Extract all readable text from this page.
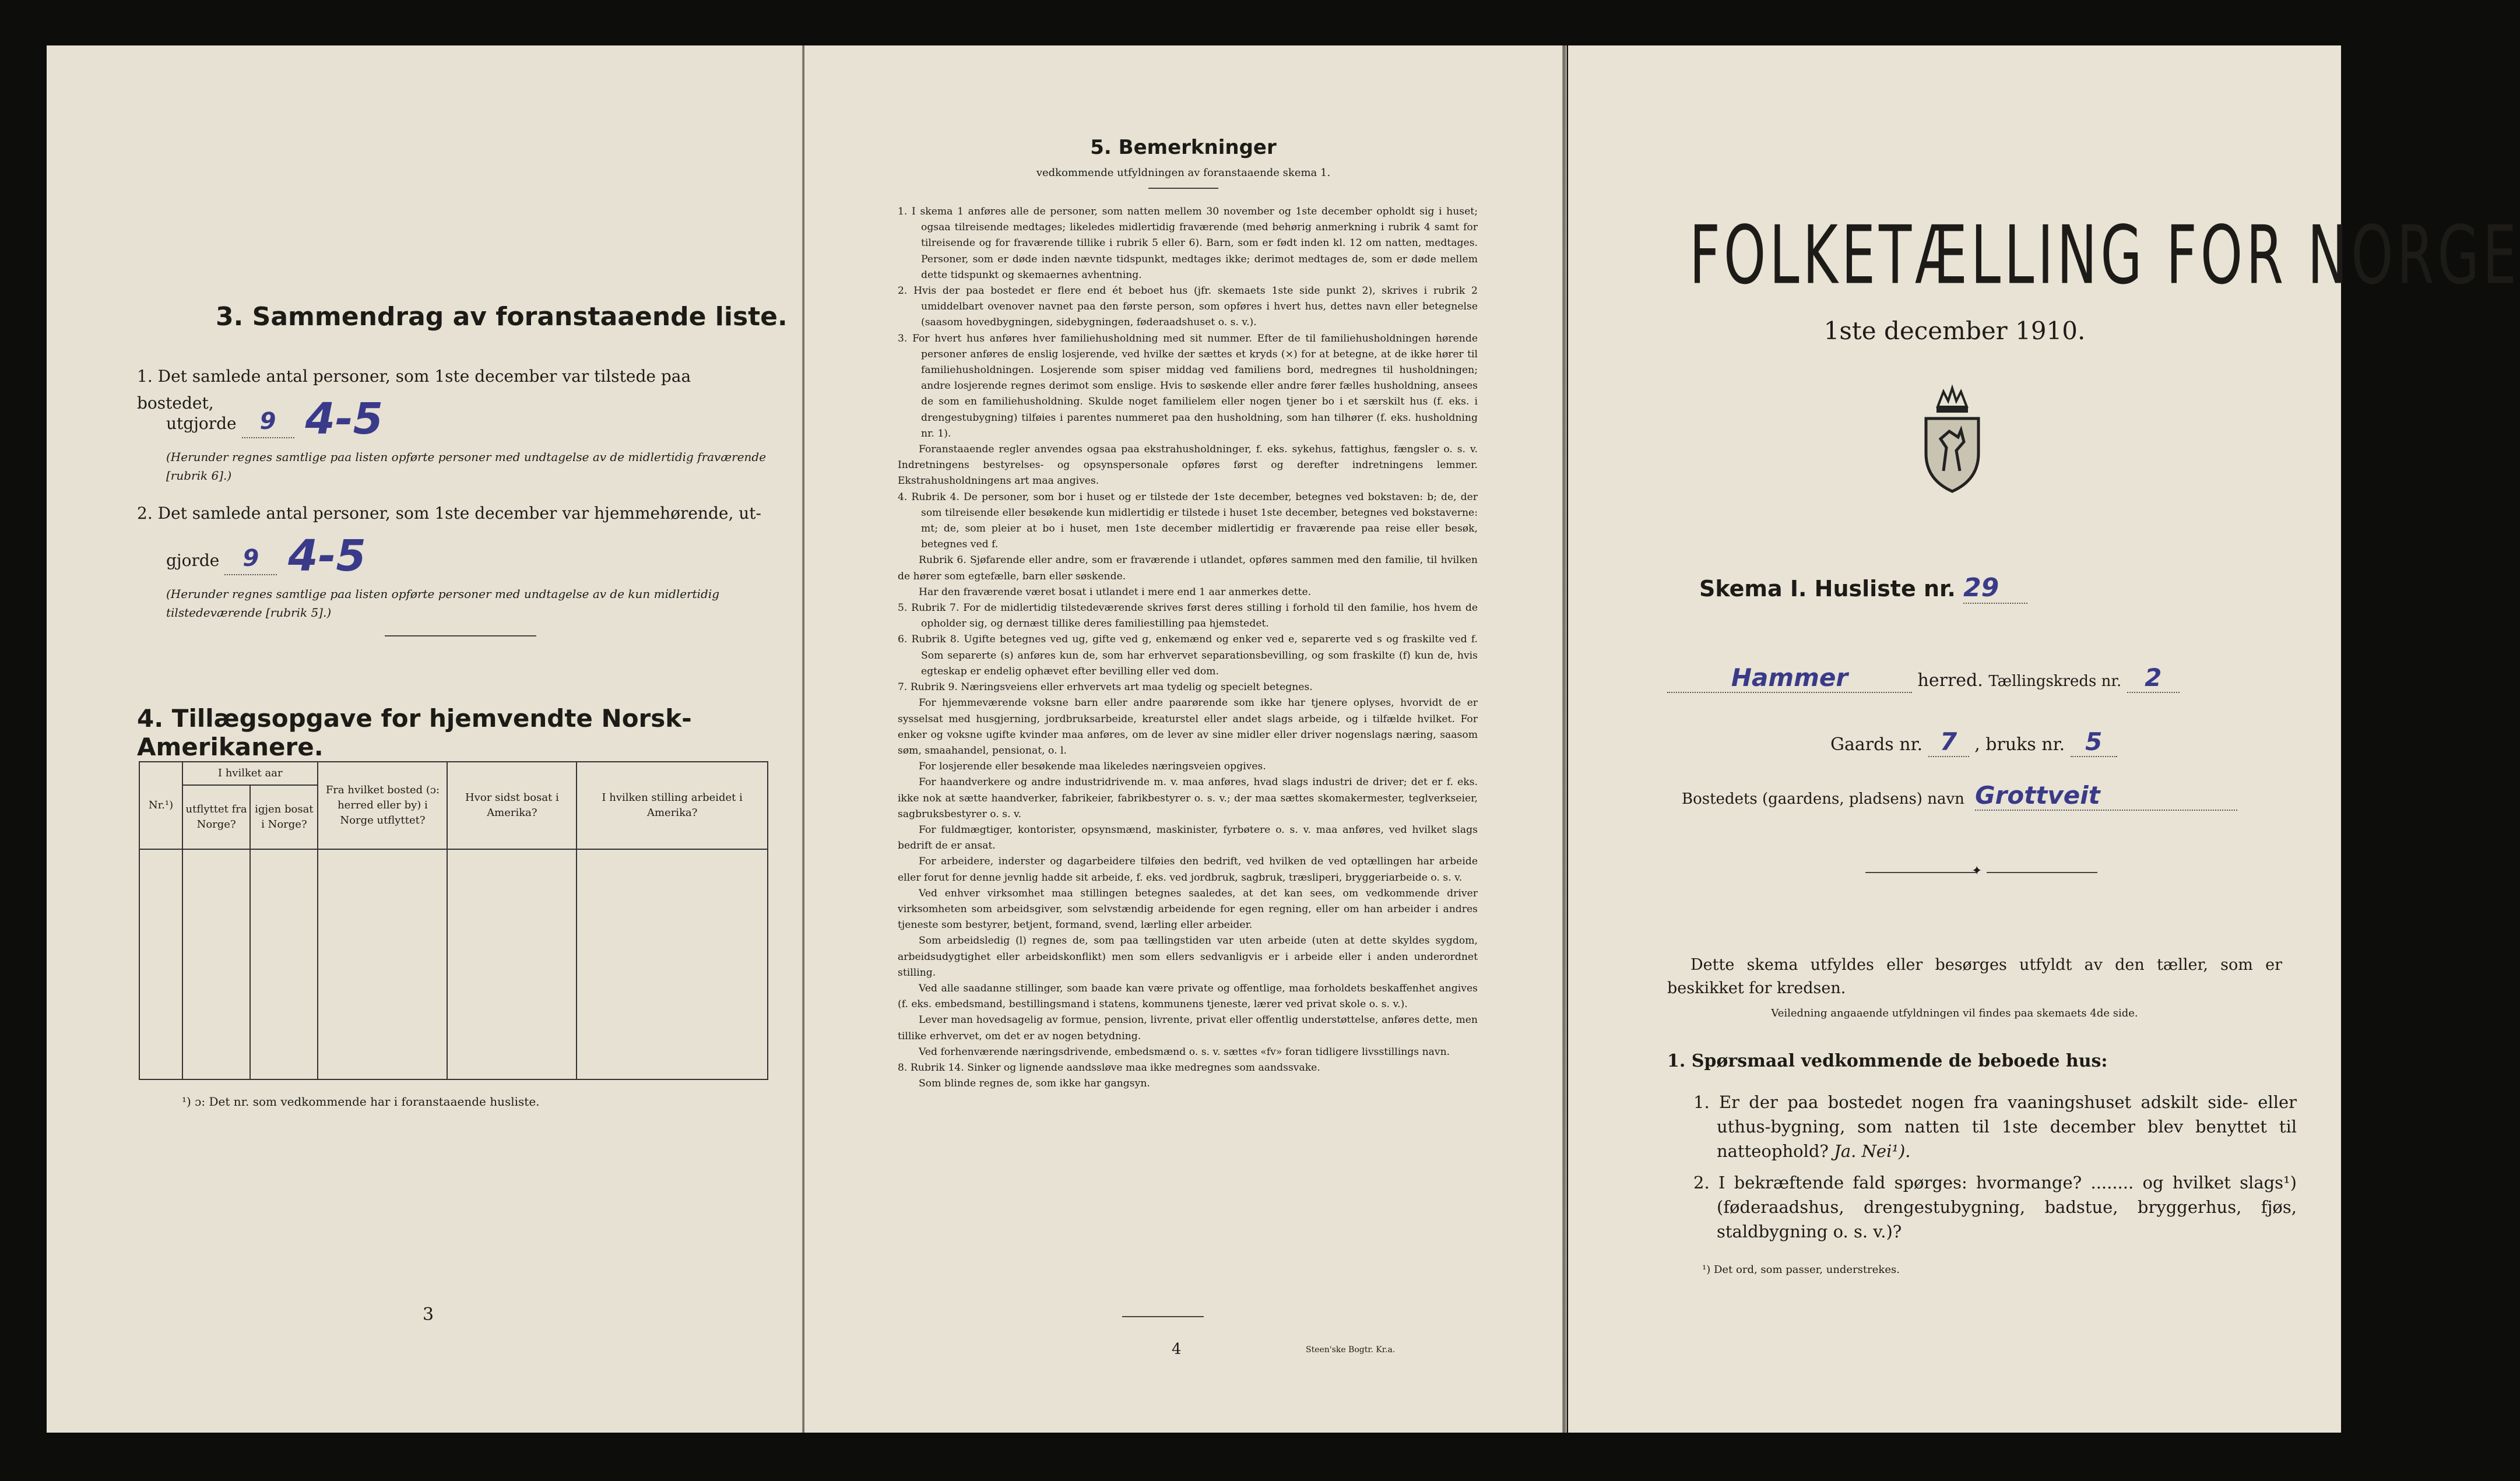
3. Sammendrag av foranstaaende liste.
1. Det samlede antal personer, som 1ste december var tilstede paa bostedet,
utgjorde 9 4-5
(Herunder regnes samtlige paa listen opførte personer med undtagelse av de midlertidig fraværende [rubrik 6].)
2. Det samlede antal personer, som 1ste december var hjemmehørende, ut-
gjorde 9 4-5
(Herunder regnes samtlige paa listen opførte personer med undtagelse av de kun midlertidig tilstedeværende [rubrik 5].)
4. Tillægsopgave for hjemvendte Norsk-Amerikanere.
Nr.¹)	I hvilket aar		Fra hvilket bosted (ɔ: herred eller by) i Norge utflyttet?	Hvor sidst bosat i Amerika?	I hvilken stilling arbeidet i Amerika?
	utflyttet fra Norge?	igjen bosat i Norge?			

¹) ɔ: Det nr. som vedkommende har i foranstaaende husliste.
3
5. Bemerkninger
vedkommende utfyldningen av foranstaaende skema 1.

1. I skema 1 anføres alle de personer, som natten mellem 30 november og 1ste december opholdt sig i huset; ogsaa tilreisende medtages; likeledes midlertidig fraværende (med behørig anmerkning i rubrik 4 samt for tilreisende og for fraværende tillike i rubrik 5 eller 6). Barn, som er født inden kl. 12 om natten, medtages. Personer, som er døde inden nævnte tidspunkt, medtages ikke; derimot medtages de, som er døde mellem dette tidspunkt og skemaernes avhentning.

2. Hvis der paa bostedet er flere end ét beboet hus (jfr. skemaets 1ste side punkt 2), skrives i rubrik 2 umiddelbart ovenover navnet paa den første person, som opføres i hvert hus, dettes navn eller betegnelse (saasom hovedbygningen, sidebygningen, føderaadshuset o. s. v.).

3. For hvert hus anføres hver familiehusholdning med sit nummer. Efter de til familiehusholdningen hørende personer anføres de enslig losjerende, ved hvilke der sættes et kryds (×) for at betegne, at de ikke hører til familiehusholdningen. Losjerende som spiser middag ved familiens bord, medregnes til husholdningen; andre losjerende regnes derimot som enslige. Hvis to søskende eller andre fører fælles husholdning, ansees de som en familiehusholdning. Skulde noget familielem eller nogen tjener bo i et særskilt hus (f. eks. i drengestubygning) tilføies i parentes nummeret paa den husholdning, som han tilhører (f. eks. husholdning nr. 1).

Foranstaaende regler anvendes ogsaa paa ekstrahusholdninger, f. eks. sykehus, fattighus, fængsler o. s. v. Indretningens bestyrelses- og opsynspersonale opføres først og derefter indretningens lemmer. Ekstrahusholdningens art maa angives.

4. Rubrik 4. De personer, som bor i huset og er tilstede der 1ste december, betegnes ved bokstaven: b; de, der som tilreisende eller besøkende kun midlertidig er tilstede i huset 1ste december, betegnes ved bokstaverne: mt; de, som pleier at bo i huset, men 1ste december midlertidig er fraværende paa reise eller besøk, betegnes ved f.

Rubrik 6. Sjøfarende eller andre, som er fraværende i utlandet, opføres sammen med den familie, til hvilken de hører som egtefælle, barn eller søskende.

Har den fraværende været bosat i utlandet i mere end 1 aar anmerkes dette.

5. Rubrik 7. For de midlertidig tilstedeværende skrives først deres stilling i forhold til den familie, hos hvem de opholder sig, og dernæst tillike deres familiestilling paa hjemstedet.

6. Rubrik 8. Ugifte betegnes ved ug, gifte ved g, enkemænd og enker ved e, separerte ved s og fraskilte ved f. Som separerte (s) anføres kun de, som har erhvervet separationsbevilling, og som fraskilte (f) kun de, hvis egteskap er endelig ophævet efter bevilling eller ved dom.

7. Rubrik 9. Næringsveiens eller erhvervets art maa tydelig og specielt betegnes.

For hjemmeværende voksne barn eller andre paarørende som ikke har tjenere oplyses, hvorvidt de er sysselsat med husgjerning, jordbruksarbeide, kreaturstel eller andet slags arbeide, og i tilfælde hvilket. For enker og voksne ugifte kvinder maa anføres, om de lever av sine midler eller driver nogenslags næring, saasom søm, smaahandel, pensionat, o. l.

For losjerende eller besøkende maa likeledes næringsveien opgives.

For haandverkere og andre industridrivende m. v. maa anføres, hvad slags industri de driver; det er f. eks. ikke nok at sætte haandverker, fabrikeier, fabrikbestyrer o. s. v.; der maa sættes skomakermester, teglverkseier, sagbruksbestyrer o. s. v.

For fuldmægtiger, kontorister, opsynsmænd, maskinister, fyrbøtere o. s. v. maa anføres, ved hvilket slags bedrift de er ansat.

For arbeidere, inderster og dagarbeidere tilføies den bedrift, ved hvilken de ved optællingen har arbeide eller forut for denne jevnlig hadde sit arbeide, f. eks. ved jordbruk, sagbruk, træsliperi, bryggeriarbeide o. s. v.

Ved enhver virksomhet maa stillingen betegnes saaledes, at det kan sees, om vedkommende driver virksomheten som arbeidsgiver, som selvstændig arbeidende for egen regning, eller om han arbeider i andres tjeneste som bestyrer, betjent, formand, svend, lærling eller arbeider.

Som arbeidsledig (l) regnes de, som paa tællingstiden var uten arbeide (uten at dette skyldes sygdom, arbeidsudygtighet eller arbeidskonflikt) men som ellers sedvanligvis er i arbeide eller i anden underordnet stilling.

Ved alle saadanne stillinger, som baade kan være private og offentlige, maa forholdets beskaffenhet angives (f. eks. embedsmand, bestillingsmand i statens, kommunens tjeneste, lærer ved privat skole o. s. v.).

Lever man hovedsagelig av formue, pension, livrente, privat eller offentlig understøttelse, anføres dette, men tillike erhvervet, om det er av nogen betydning.

Ved forhenværende næringsdrivende, embedsmænd o. s. v. sættes «fv» foran tidligere livsstillings navn.

8. Rubrik 14. Sinker og lignende aandssløve maa ikke medregnes som aandssvake.

Som blinde regnes de, som ikke har gangsyn.

4	Steen'ske Bogtr. Kr.a.
FOLKETÆLLING FOR NORGE
1ste december 1910.
Skema I. Husliste nr. 29
Hammer	herred. Tællingskreds nr. 2
Gaards nr. 7 , bruks nr. 5
Bostedets (gaardens, pladsens) navn Grottveit
✦
Dette skema utfyldes eller besørges utfyldt av den tæller, som er beskikket for kredsen.
Veiledning angaaende utfyldningen vil findes paa skemaets 4de side.
1. Spørsmaal vedkommende de beboede hus:
1. Er der paa bostedet nogen fra vaaningshuset adskilt side- eller uthus-bygning, som natten til 1ste december blev benyttet til natteophold? Ja. Nei¹).
2. I bekræftende fald spørges: hvormange? ........ og hvilket slags¹) (føderaadshus, drengestubygning, badstue, bryggerhus, fjøs, staldbygning o. s. v.)?
¹) Det ord, som passer, understrekes.
